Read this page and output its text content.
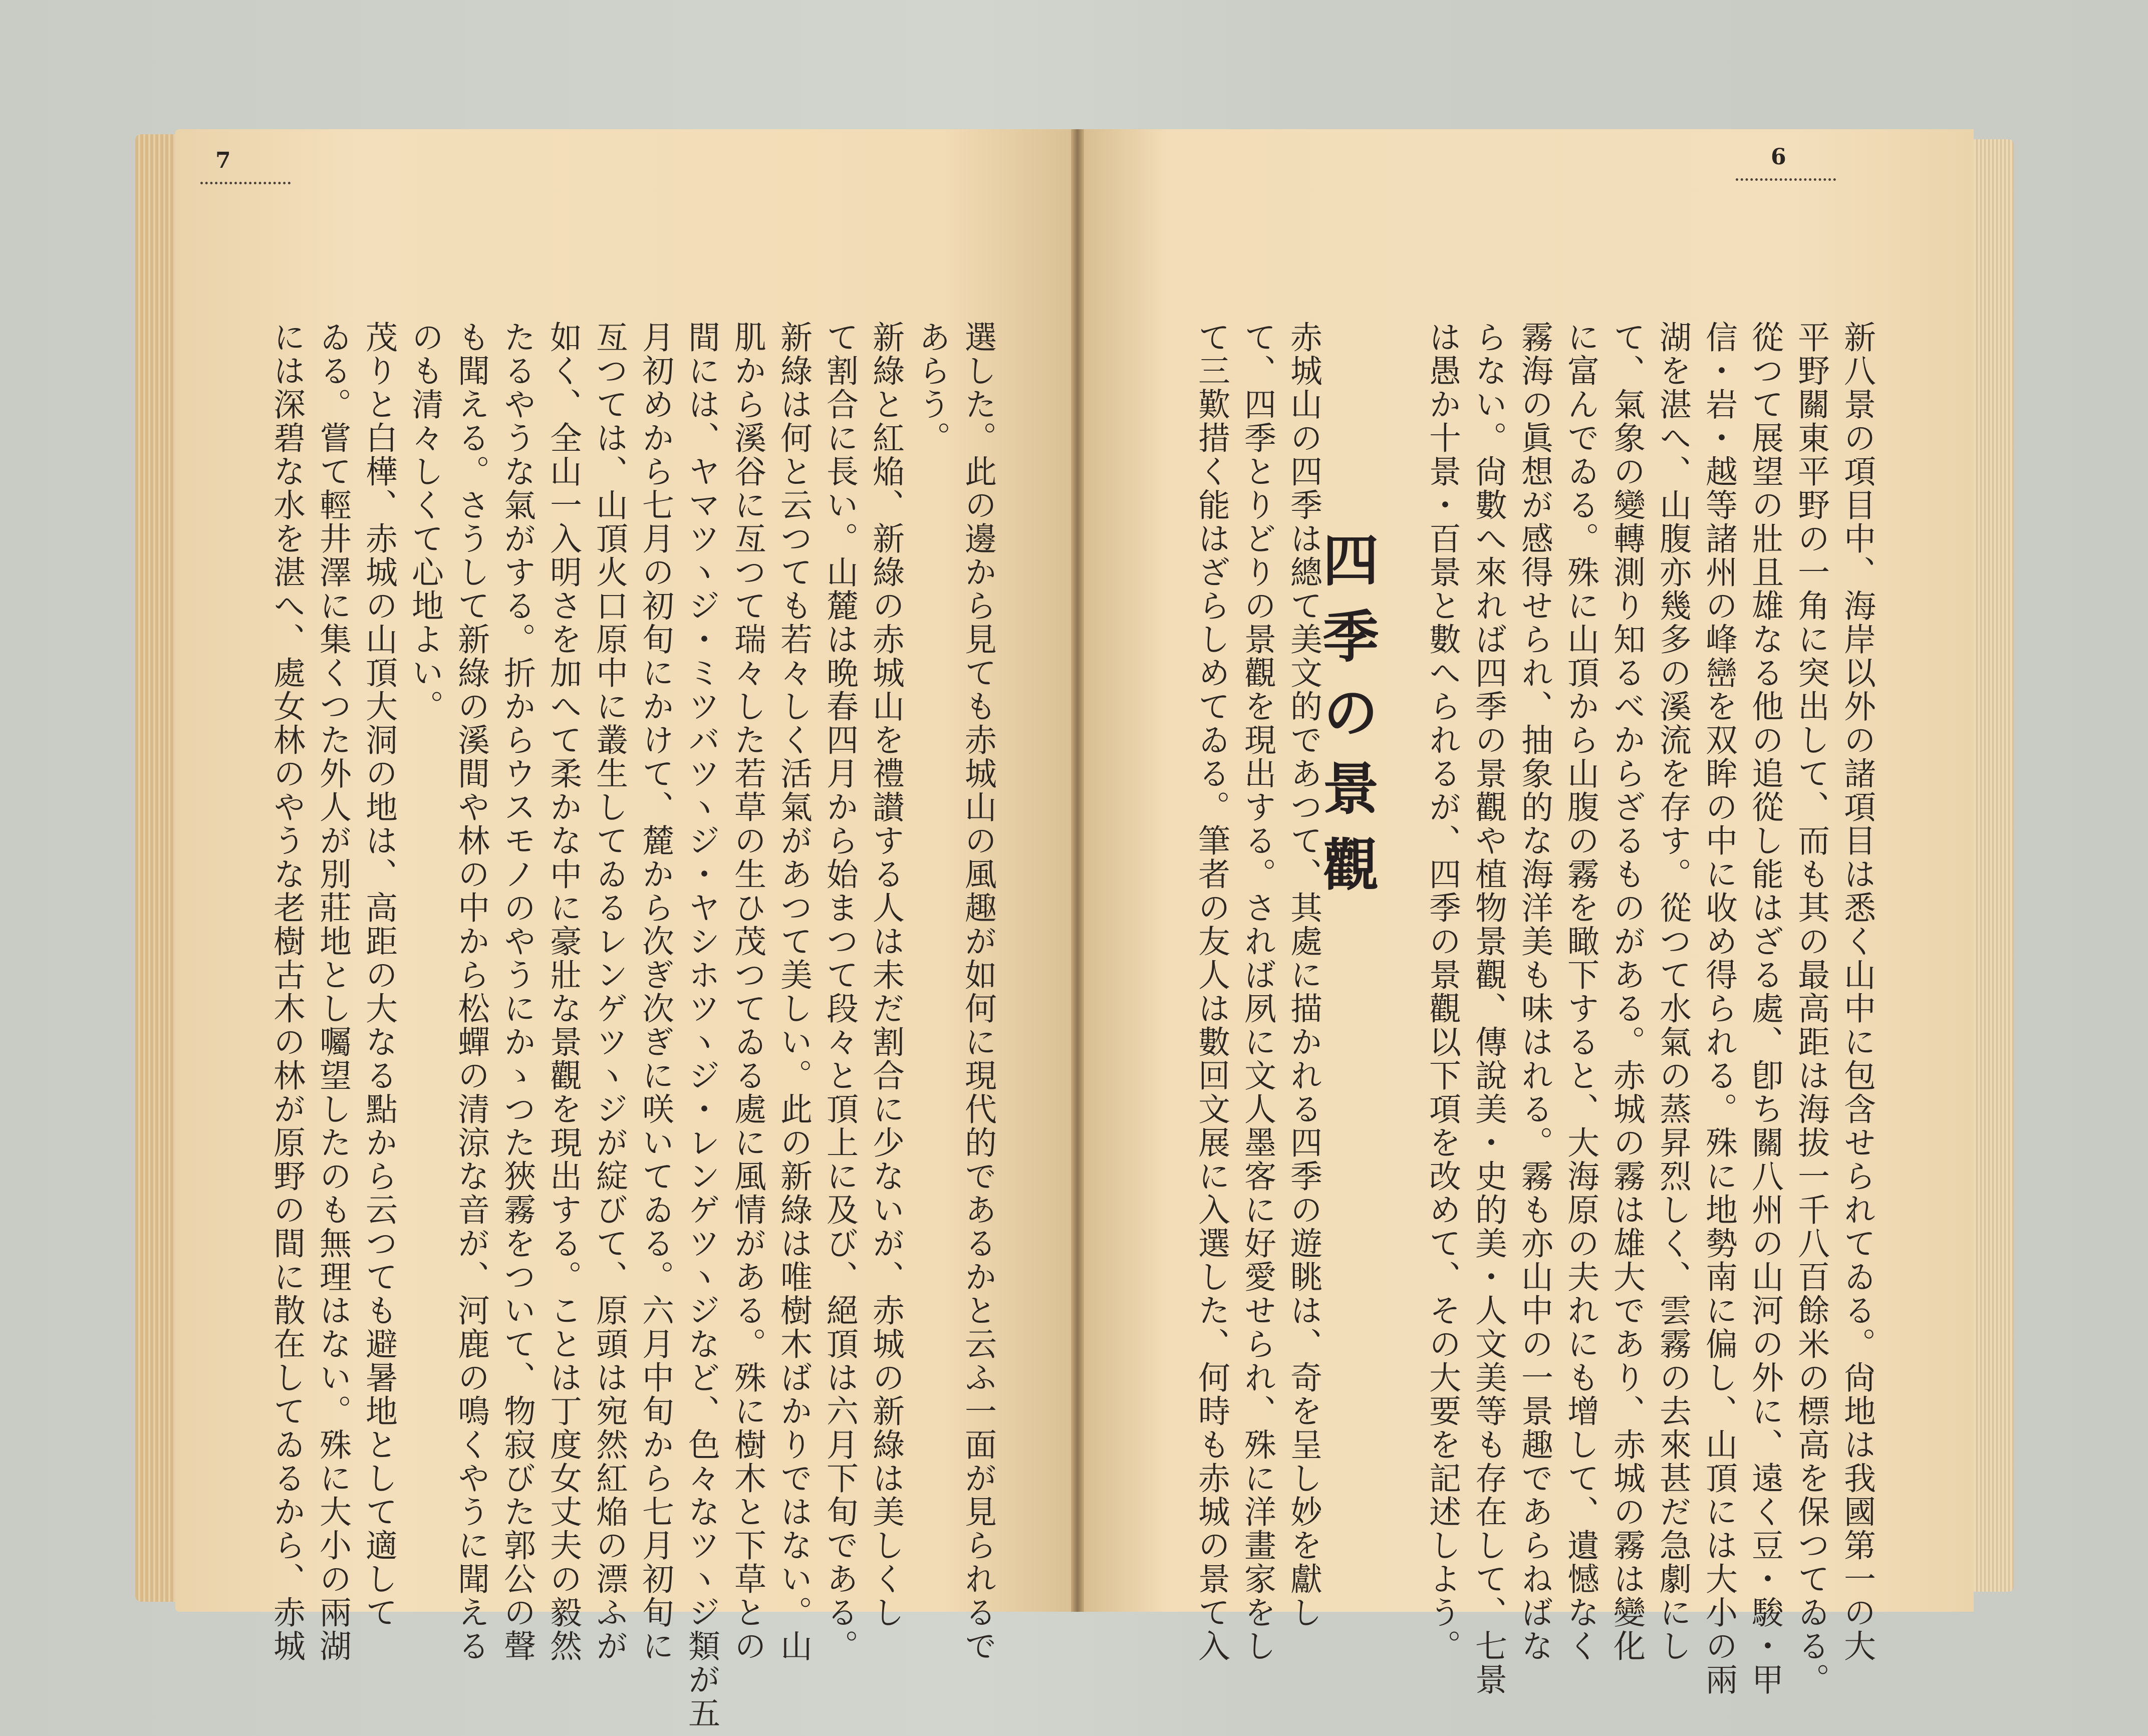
7	6
選した。此の邊から見ても赤城山の風趣が如何に現代的であるかと云ふ一面が見られるで
あらう。
新綠と紅焔、新綠の赤城山を禮讃する人は未だ割合に少ないが、赤城の新綠は美しくし
て割合に長い。山麓は晩春四月から始まつて段々と頂上に及び、絕頂は六月下旬である。
新綠は何と云つても若々しく活氣があつて美しい。此の新綠は唯樹木ばかりではない。山
肌から溪谷に亙つて瑞々した若草の生ひ茂つてゐる處に風情がある。殊に樹木と下草との
間には、ヤマツヽジ・ミツバツヽジ・ヤシホツヽジ・レンゲツヽジなど、色々なツヽジ類が五
月初めから七月の初旬にかけて、麓から次ぎ次ぎに咲いてゐる。六月中旬から七月初旬に
亙つては、山頂火口原中に叢生してゐるレンゲツヽジが綻びて、原頭は宛然紅焔の漂ふが
如く、全山一入明さを加へて柔かな中に豪壯な景觀を現出する。ことは丁度女丈夫の毅然
たるやうな氣がする。折からウスモノのやうにかゝつた狹霧をついて、物寂びた郭公の聲
も聞える。さうして新綠の溪間や林の中から松蟬の清涼な音が、河鹿の鳴くやうに聞える
のも清々しくて心地よい。
茂りと白樺、赤城の山頂大洞の地は、高距の大なる點から云つても避暑地として適して
ゐる。嘗て輕井澤に集くつた外人が別莊地とし囑望したのも無理はない。殊に大小の兩湖
には深碧な水を湛へ、處女林のやうな老樹古木の林が原野の間に散在してゐるから、赤城	新八景の項目中、海岸以外の諸項目は悉く山中に包含せられてゐる。尙地は我國第一の大
平野關東平野の一角に突出して、而も其の最高距は海拔一千八百餘米の標高を保つてゐる。
從つて展望の壯且雄なる他の追從し能はざる處、卽ち關八州の山河の外に、遠く豆・駿・甲
信・岩・越等諸州の峰巒を双眸の中に收め得られる。殊に地勢南に偏し、山頂には大小の兩
湖を湛へ、山腹亦幾多の溪流を存す。從つて水氣の蒸昇烈しく、雲霧の去來甚だ急劇にし
て、氣象の變轉測り知るべからざるものがある。赤城の霧は雄大であり、赤城の霧は變化
に富んでゐる。殊に山頂から山腹の霧を瞰下すると、大海原の夫れにも增して、遺憾なく
霧海の眞想が感得せられ、抽象的な海洋美も味はれる。霧も亦山中の一景趣であらねばな
らない。尙數へ來れば四季の景觀や植物景觀、傳說美・史的美・人文美等も存在して、七景
は愚か十景・百景と數へられるが、四季の景觀以下項を改めて、その大要を記述しよう。
四季の景觀
赤城山の四季は總て美文的であつて、其處に描かれる四季の遊眺は、奇を呈し妙を獻し
て、四季とりどりの景觀を現出する。されば夙に文人墨客に好愛せられ、殊に洋畫家をし
て三歎措く能はざらしめてゐる。筆者の友人は數回文展に入選した、何時も赤城の景て入
